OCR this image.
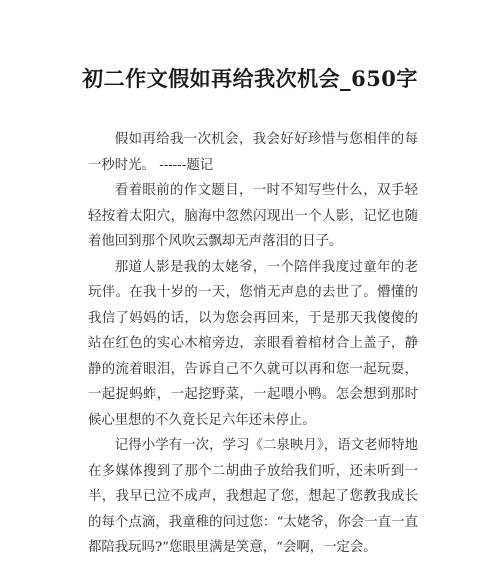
初二作文假如再给我次机会_650字

假如再给我一次机会，我会好好珍惜与您相伴的每一秒时光。 ------题记

看着眼前的作文题目，一时不知写些什么，双手轻轻按着太阳穴，脑海中忽然闪现出一个人影，记忆也随着他回到那个风吹云飘却无声落泪的日子。

那道人影是我的太姥爷，一个陪伴我度过童年的老玩伴。在我十岁的一天，您悄无声息的去世了。懵懂的我信了妈妈的话，以为您会再回来，于是那天我傻傻的站在红色的实心木棺旁边，亲眼看着棺材合上盖子，静静的流着眼泪，告诉自己不久就可以再和您一起玩耍，一起捉蚂蚱，一起挖野菜，一起喂小鸭。怎会想到那时候心里想的不久竟长足六年还未停止。

记得小学有一次，学习《二泉映月》，语文老师特地在多媒体搜到了那个二胡曲子放给我们听，还未听到一半，我早已泣不成声，我想起了您，想起了您教我成长的每个点滴，我童稚的问过您：“太姥爷，你会一直一直都陪我玩吗?”您眼里满是笑意，“会啊，一定会。
